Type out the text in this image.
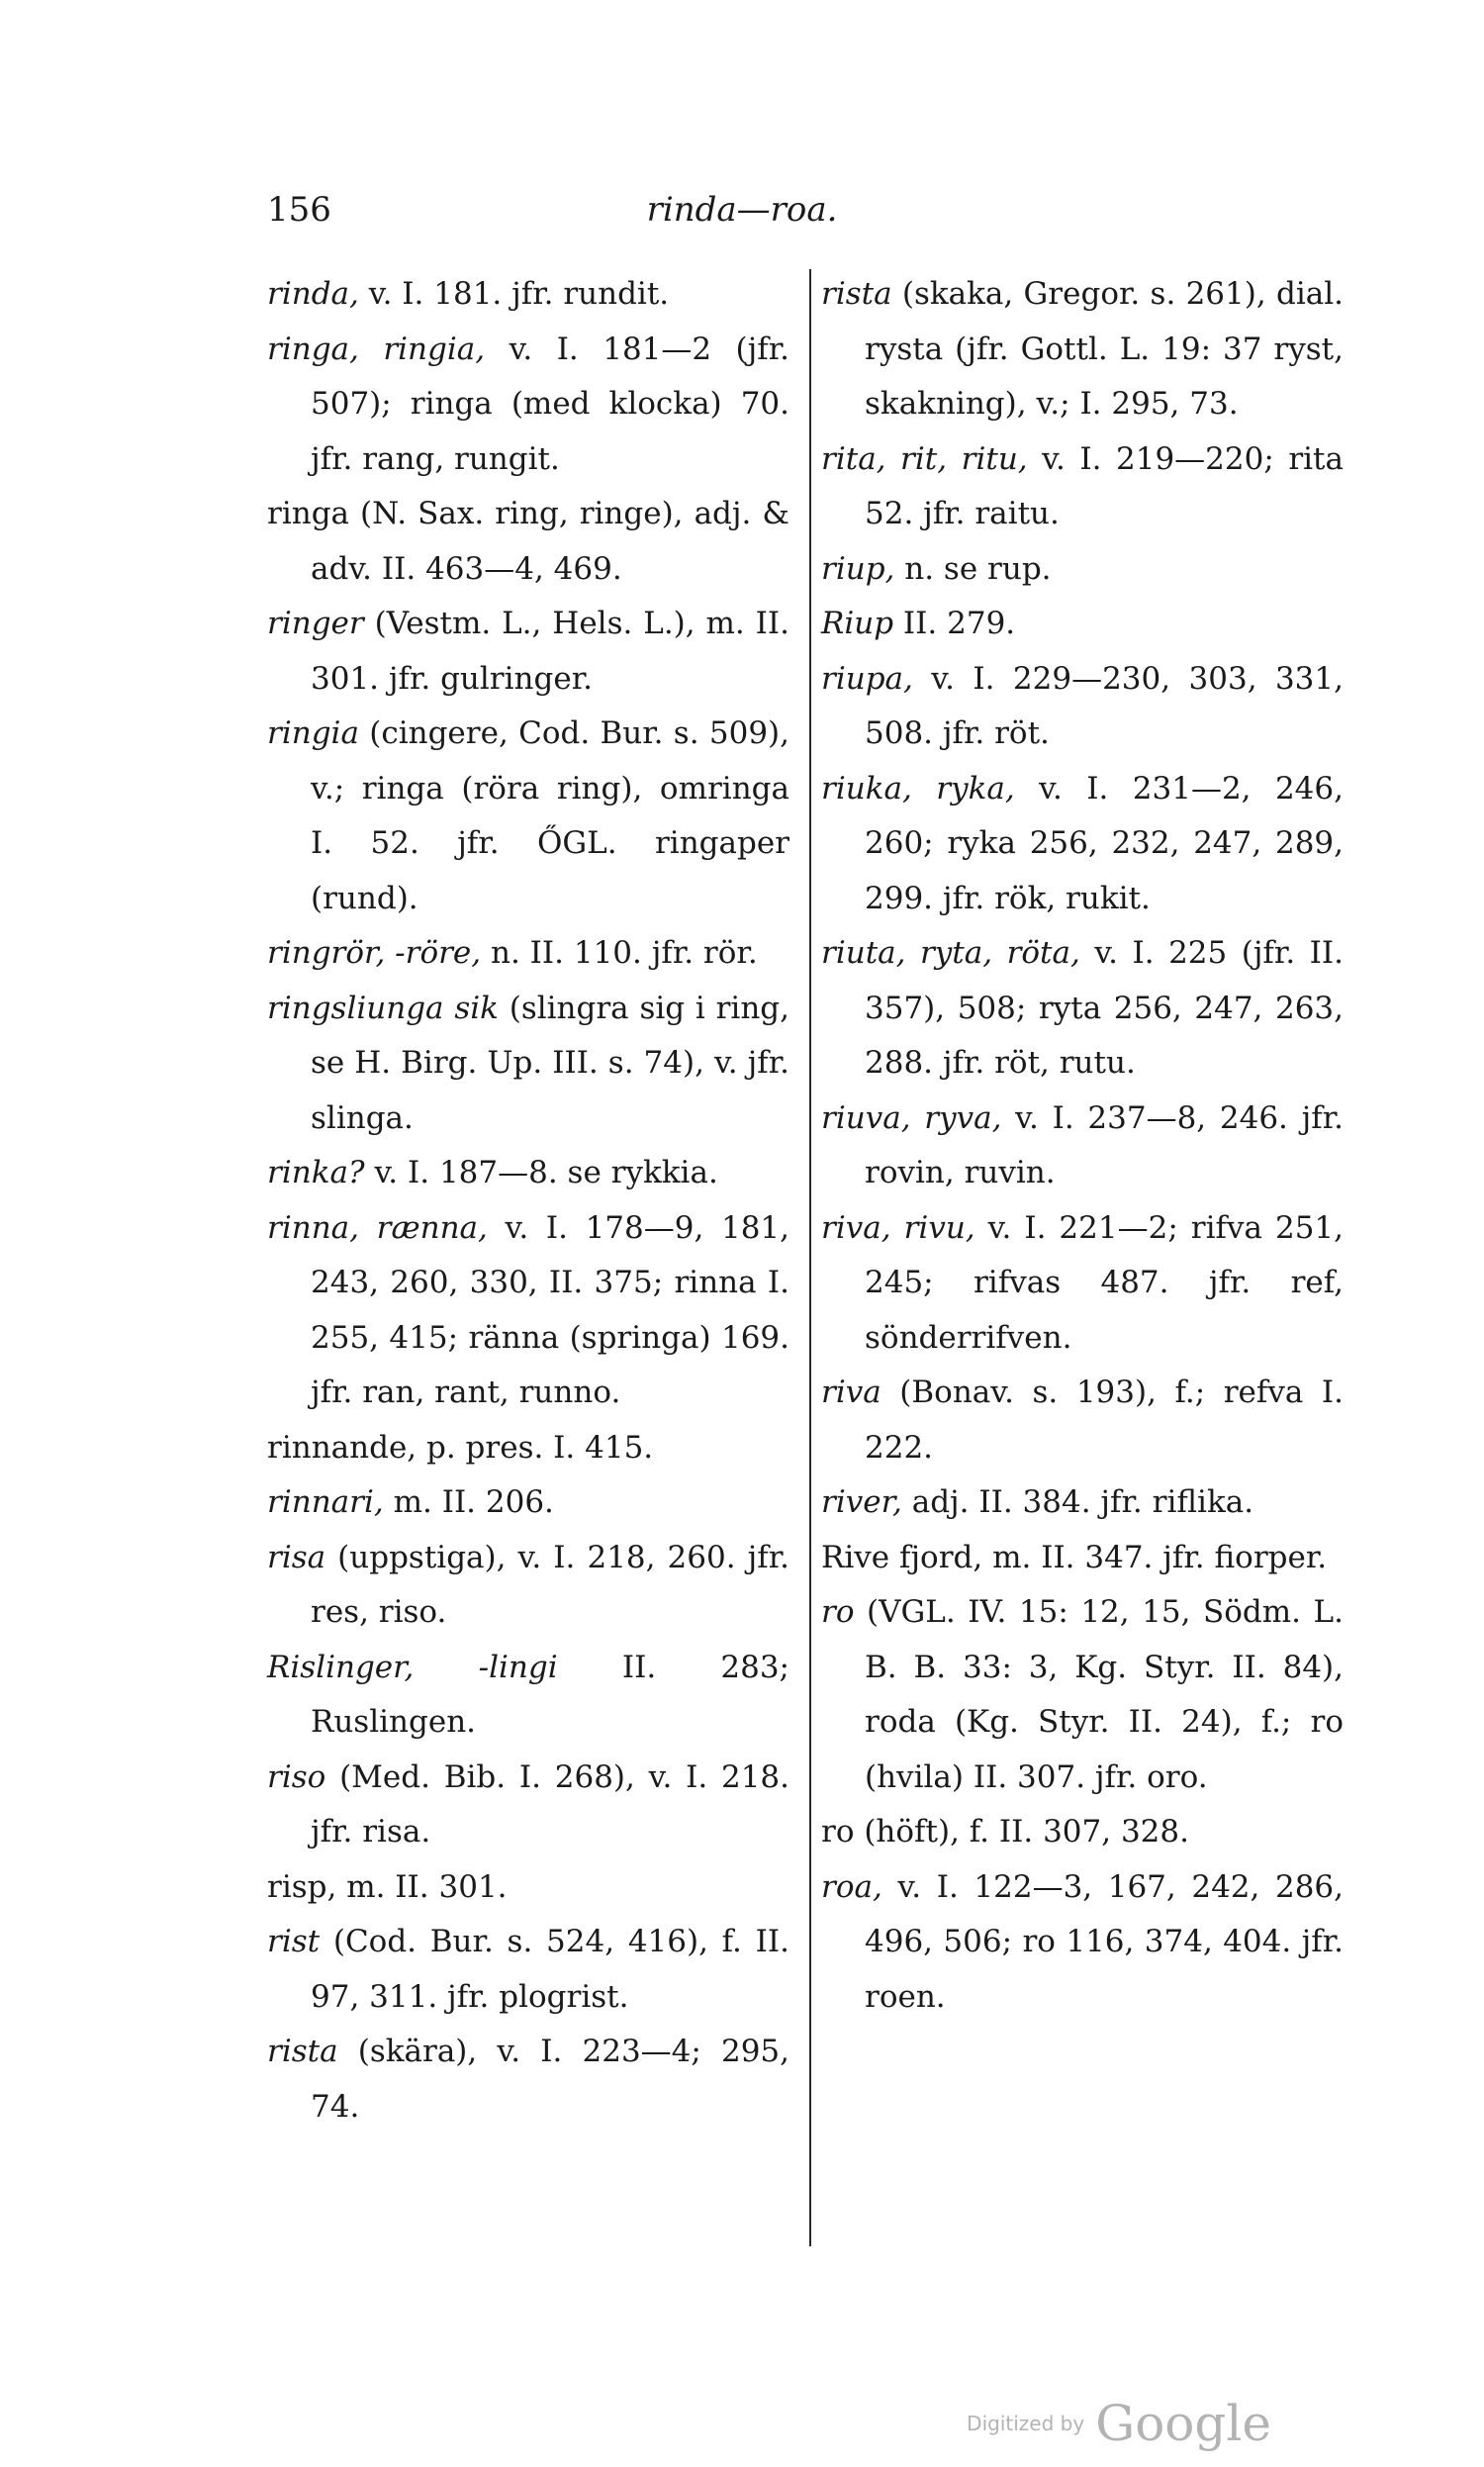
156	rinda—roa.

rinda, v. I. 181. jfr. rundit.

ringa, ringia, v. I. 181—2 (jfr. 507); ringa (med klocka) 70. jfr. rang, rungit.

ringa (N. Sax. ring, ringe), adj. & adv. II. 463—4, 469.

ringer (Vestm. L., Hels. L.), m. II. 301. jfr. gulringer.

ringia (cingere, Cod. Bur. s. 509), v.; ringa (röra ring), omringa I. 52. jfr. ŐGL. ringaper (rund).

ringrör, -röre, n. II. 110. jfr. rör.

ringsliunga sik (slingra sig i ring, se H. Birg. Up. III. s. 74), v. jfr. slinga.

rinka? v. I. 187—8. se rykkia.

rinna, rænna, v. I. 178—9, 181, 243, 260, 330, II. 375; rinna I. 255, 415; ränna (springa) 169. jfr. ran, rant, runno.

rinnande, p. pres. I. 415.

rinnari, m. II. 206.

risa (uppstiga), v. I. 218, 260. jfr. res, riso.

Rislinger, -lingi II. 283; Ruslingen.

riso (Med. Bib. I. 268), v. I. 218. jfr. risa.

risp, m. II. 301.

rist (Cod. Bur. s. 524, 416), f. II. 97, 311. jfr. plogrist.

rista (skära), v. I. 223—4; 295, 74.

rista (skaka, Gregor. s. 261), dial. rysta (jfr. Gottl. L. 19: 37 ryst, skakning), v.; I. 295, 73.

rita, rit, ritu, v. I. 219—220; rita 52. jfr. raitu.

riup, n. se rup.

Riup II. 279.

riupa, v. I. 229—230, 303, 331, 508. jfr. röt.

riuka, ryka, v. I. 231—2, 246, 260; ryka 256, 232, 247, 289, 299. jfr. rök, rukit.

riuta, ryta, röta, v. I. 225 (jfr. II. 357), 508; ryta 256, 247, 263, 288. jfr. röt, rutu.

riuva, ryva, v. I. 237—8, 246. jfr. rovin, ruvin.

riva, rivu, v. I. 221—2; rifva 251, 245; rifvas 487. jfr. ref, sönderrifven.

riva (Bonav. s. 193), f.; refva I. 222.

river, adj. II. 384. jfr. riflika.

Rive fjord, m. II. 347. jfr. fiorper.

ro (VGL. IV. 15: 12, 15, Södm. L. B. B. 33: 3, Kg. Styr. II. 84), roda (Kg. Styr. II. 24), f.; ro (hvila) II. 307. jfr. oro.

ro (höft), f. II. 307, 328.

roa, v. I. 122—3, 167, 242, 286, 496, 506; ro 116, 374, 404. jfr. roen.

Digitized by Google
